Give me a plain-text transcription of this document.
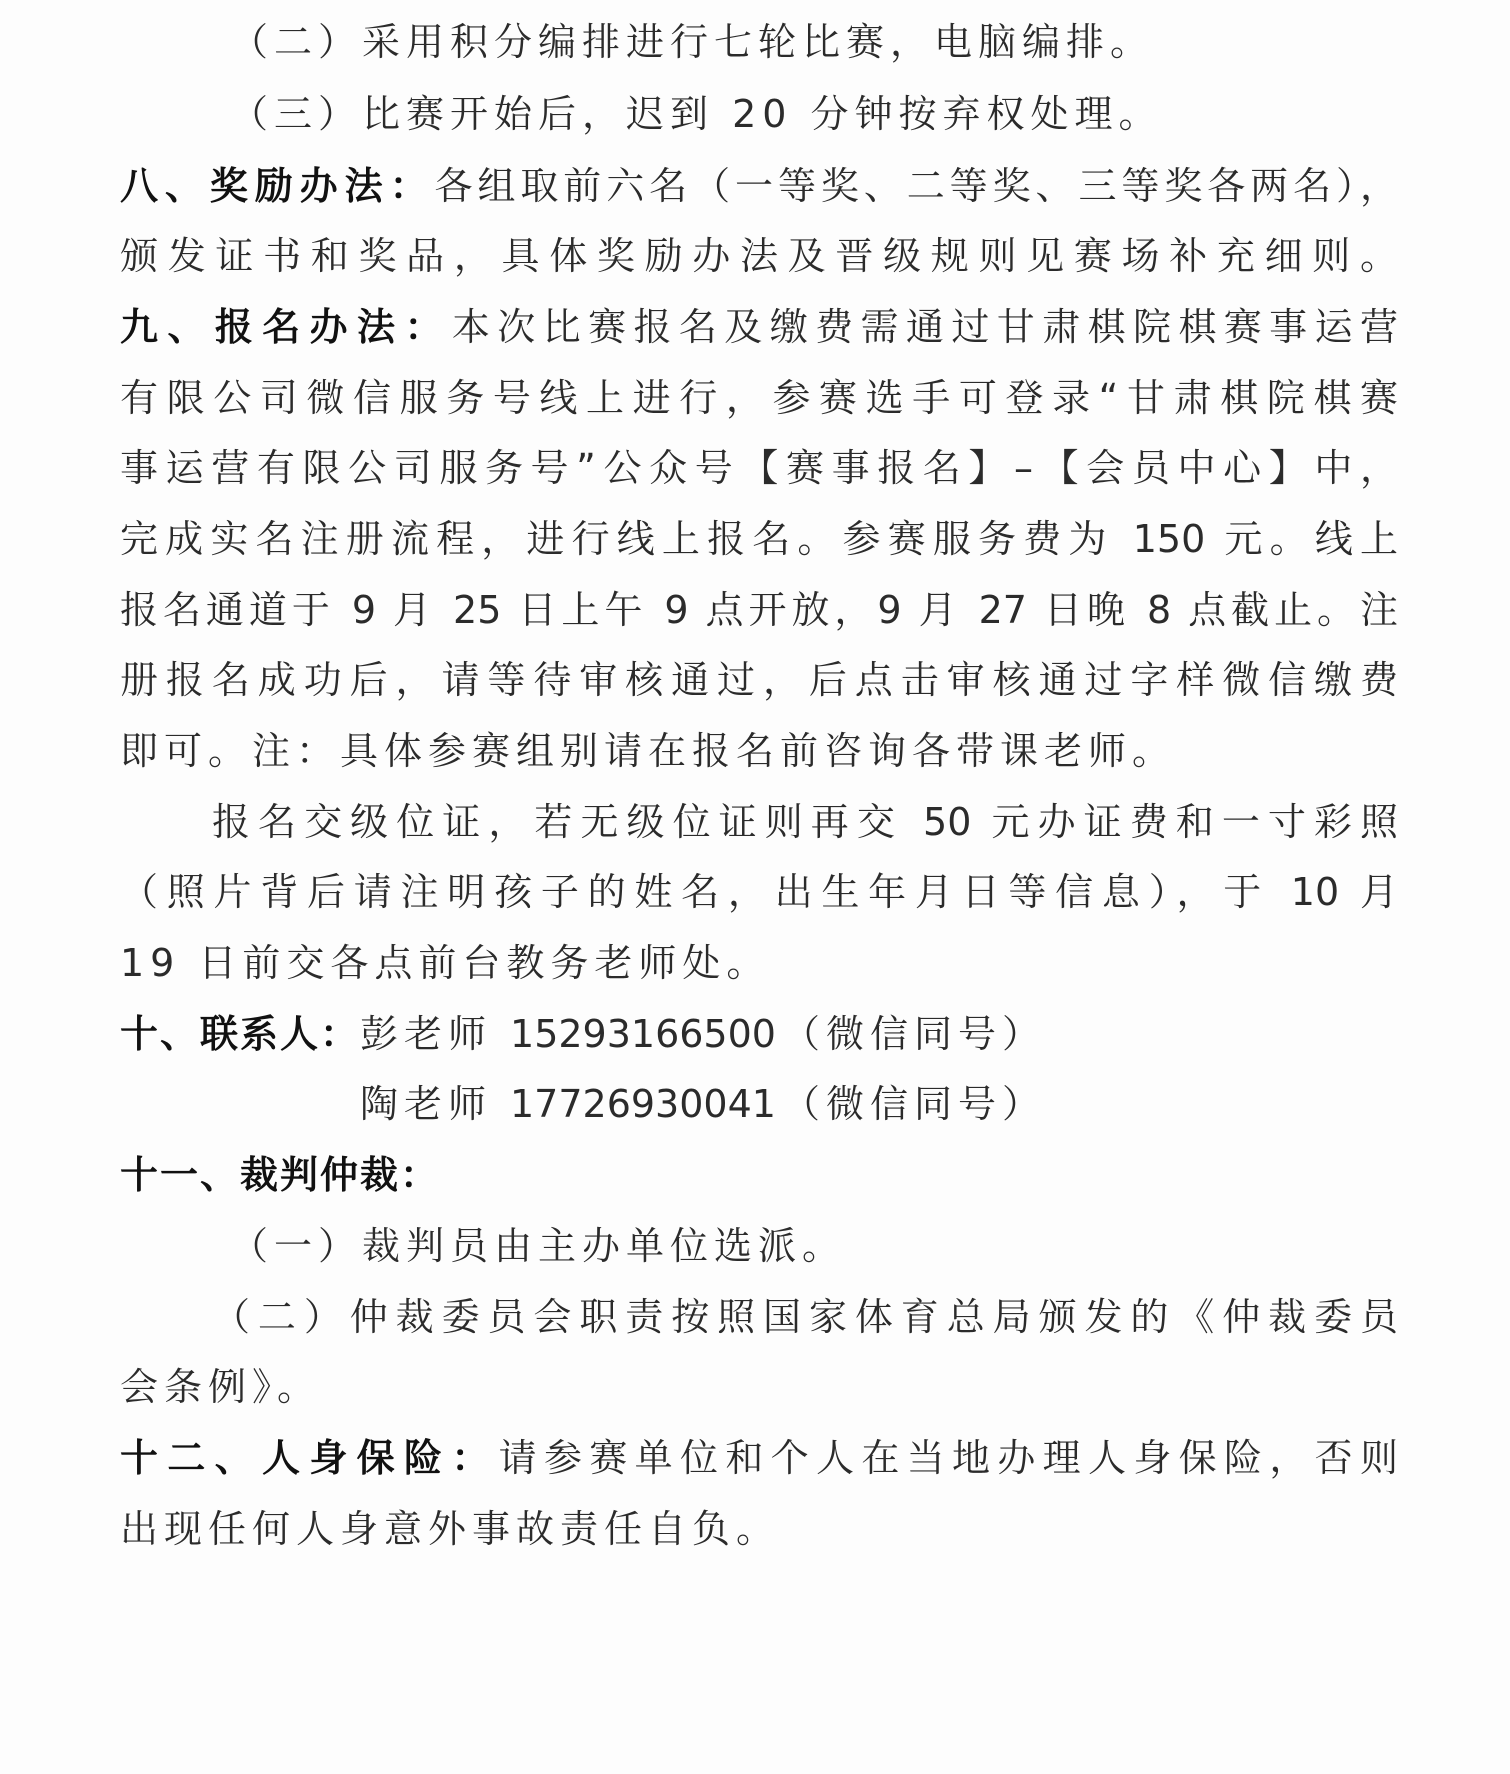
（二）采用积分编排进行七轮比赛，电脑编排。
（三）比赛开始后，迟到 20 分钟按弃权处理。
八、奖励办法：各组取前六名（一等奖、二等奖、三等奖各两名），
颁发证书和奖品，具体奖励办法及晋级规则见赛场补充细则。
九、报名办法：本次比赛报名及缴费需通过甘肃棋院棋赛事运营
有限公司微信服务号线上进行，参赛选手可登录“甘肃棋院棋赛
事运营有限公司服务号”公众号【赛事报名】–【会员中心】中，
完成实名注册流程，进行线上报名。参赛服务费为 150 元。线上
报名通道于 9 月 25 日上午 9 点开放，9 月 27 日晚 8 点截止。注
册报名成功后，请等待审核通过，后点击审核通过字样微信缴费
即可。注：具体参赛组别请在报名前咨询各带课老师。
报名交级位证，若无级位证则再交 50 元办证费和一寸彩照
（照片背后请注明孩子的姓名，出生年月日等信息），于 10 月
19 日前交各点前台教务老师处。
十、联系人：彭老师 15293166500 （微信同号）
陶老师 17726930041 （微信同号）
十一、裁判仲裁：
（一）裁判员由主办单位选派。
（二）仲裁委员会职责按照国家体育总局颁发的《仲裁委员
会条例》。
十二、人身保险：请参赛单位和个人在当地办理人身保险，否则
出现任何人身意外事故责任自负。
